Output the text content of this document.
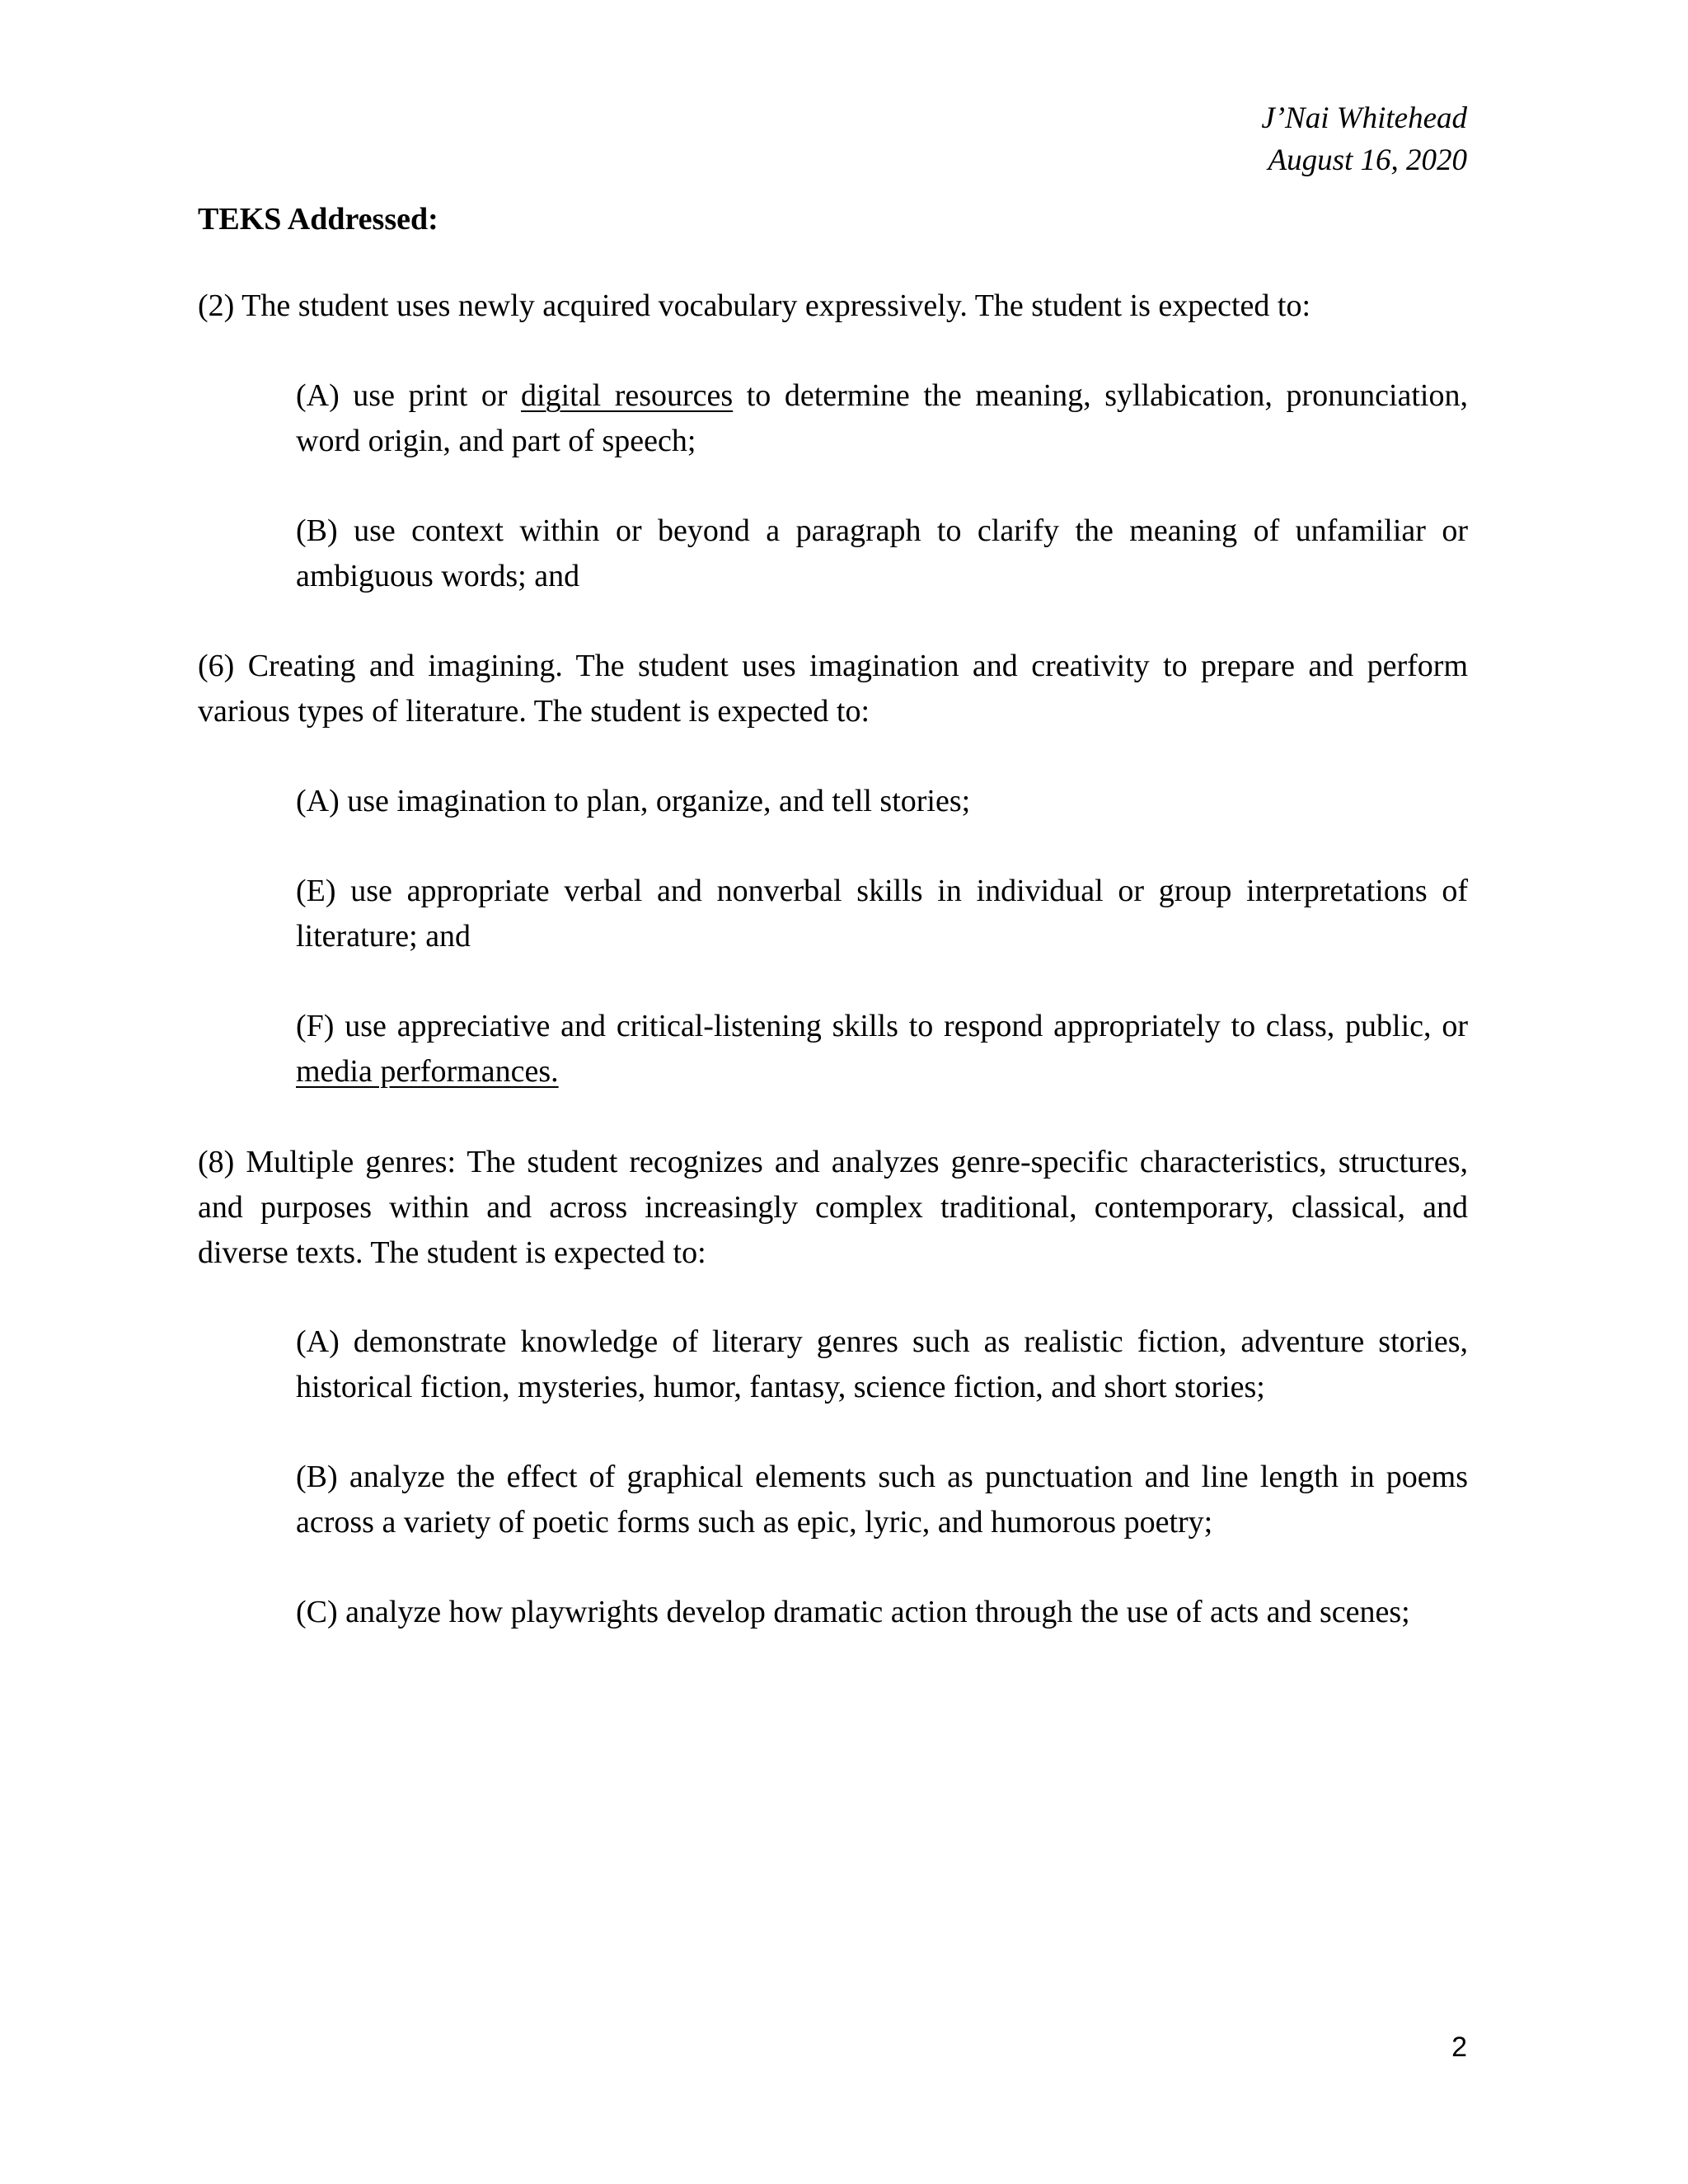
J’Nai Whitehead
August 16, 2020
TEKS Addressed:
(2) The student uses newly acquired vocabulary expressively. The student is expected to:
(A) use print or digital resources to determine the meaning, syllabication, pronunciation, word origin, and part of speech;
(B) use context within or beyond a paragraph to clarify the meaning of unfamiliar or ambiguous words; and
(6) Creating and imagining. The student uses imagination and creativity to prepare and perform various types of literature. The student is expected to:
(A) use imagination to plan, organize, and tell stories;
(E) use appropriate verbal and nonverbal skills in individual or group interpretations of literature; and
(F) use appreciative and critical-listening skills to respond appropriately to class, public, or media performances.
(8) Multiple genres: The student recognizes and analyzes genre-specific characteristics, structures, and purposes within and across increasingly complex traditional, contemporary, classical, and diverse texts. The student is expected to:
(A) demonstrate knowledge of literary genres such as realistic fiction, adventure stories, historical fiction, mysteries, humor, fantasy, science fiction, and short stories;
(B) analyze the effect of graphical elements such as punctuation and line length in poems across a variety of poetic forms such as epic, lyric, and humorous poetry;
(C) analyze how playwrights develop dramatic action through the use of acts and scenes;
2
